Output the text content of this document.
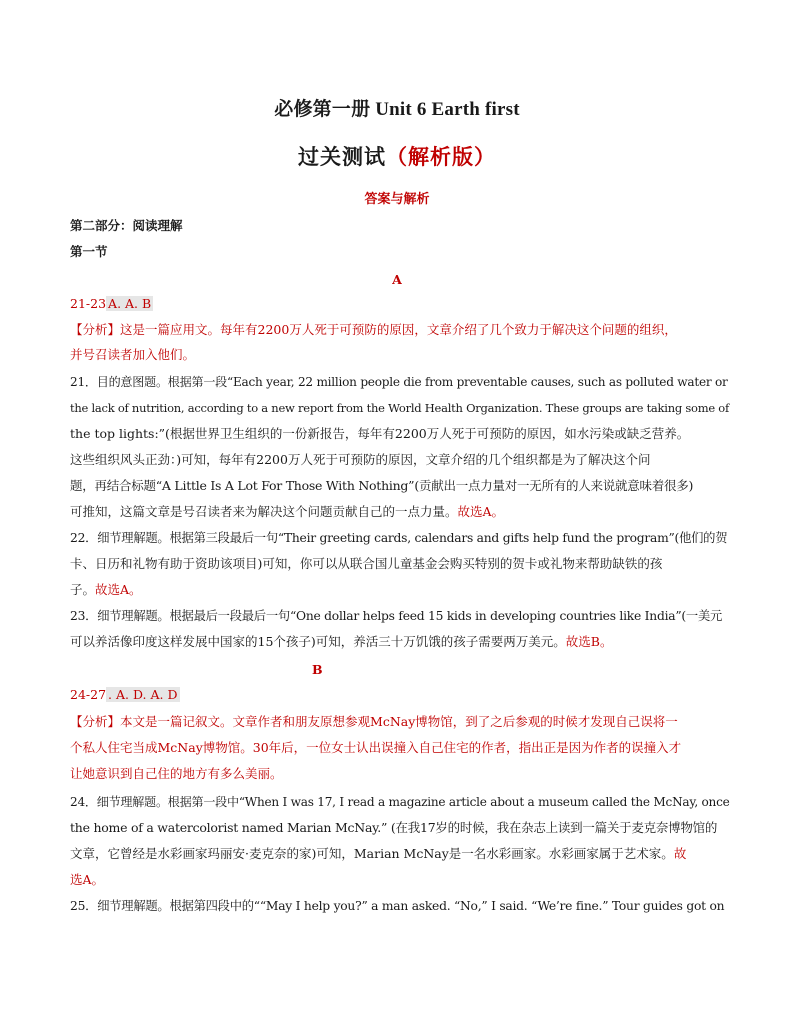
必修第一册 Unit 6 Earth first
过关测试（解析版）
答案与解析
第二部分：阅读理解
第一节
A
21-23 A. A. B
【分析】这是一篇应用文。每年有2200万人死于可预防的原因，文章介绍了几个致力于解决这个问题的组织，
并号召读者加入他们。
21．目的意图题。根据第一段“Each year, 22 million people die from preventable causes, such as polluted water or
the lack of nutrition, according to a new report from the World Health Organization. These groups are taking some of
the top lights:”(根据世界卫生组织的一份新报告，每年有2200万人死于可预防的原因，如水污染或缺乏营养。
这些组织风头正劲：)可知，每年有2200万人死于可预防的原因，文章介绍的几个组织都是为了解决这个问
题，再结合标题“A Little Is A Lot For Those With Nothing”(贡献出一点力量对一无所有的人来说就意味着很多)
可推知，这篇文章是号召读者来为解决这个问题贡献自己的一点力量。故选A。
22．细节理解题。根据第三段最后一句“Their greeting cards, calendars and gifts help fund the program”(他们的贺
卡、日历和礼物有助于资助该项目)可知，你可以从联合国儿童基金会购买特别的贺卡或礼物来帮助缺铁的孩
子。故选A。
23．细节理解题。根据最后一段最后一句“One dollar helps feed 15 kids in developing countries like India”(一美元
可以养活像印度这样发展中国家的15个孩子)可知，养活三十万饥饿的孩子需要两万美元。故选B。
B
24-27 . A. D. A. D
【分析】本文是一篇记叙文。文章作者和朋友原想参观McNay博物馆，到了之后参观的时候才发现自己误将一
个私人住宅当成McNay博物馆。30年后，一位女士认出误撞入自己住宅的作者，指出正是因为作者的误撞入才
让她意识到自己住的地方有多么美丽。
24．细节理解题。根据第一段中“When I was 17, I read a magazine article about a museum called the McNay, once
the home of a watercolorist named Marian McNay.” (在我17岁的时候，我在杂志上读到一篇关于麦克奈博物馆的
文章，它曾经是水彩画家玛丽安·麦克奈的家)可知，Marian McNay是一名水彩画家。水彩画家属于艺术家。故
选A。
25．细节理解题。根据第四段中的““May I help you?” a man asked. “No,” I said. “We’re fine.” Tour guides got on
